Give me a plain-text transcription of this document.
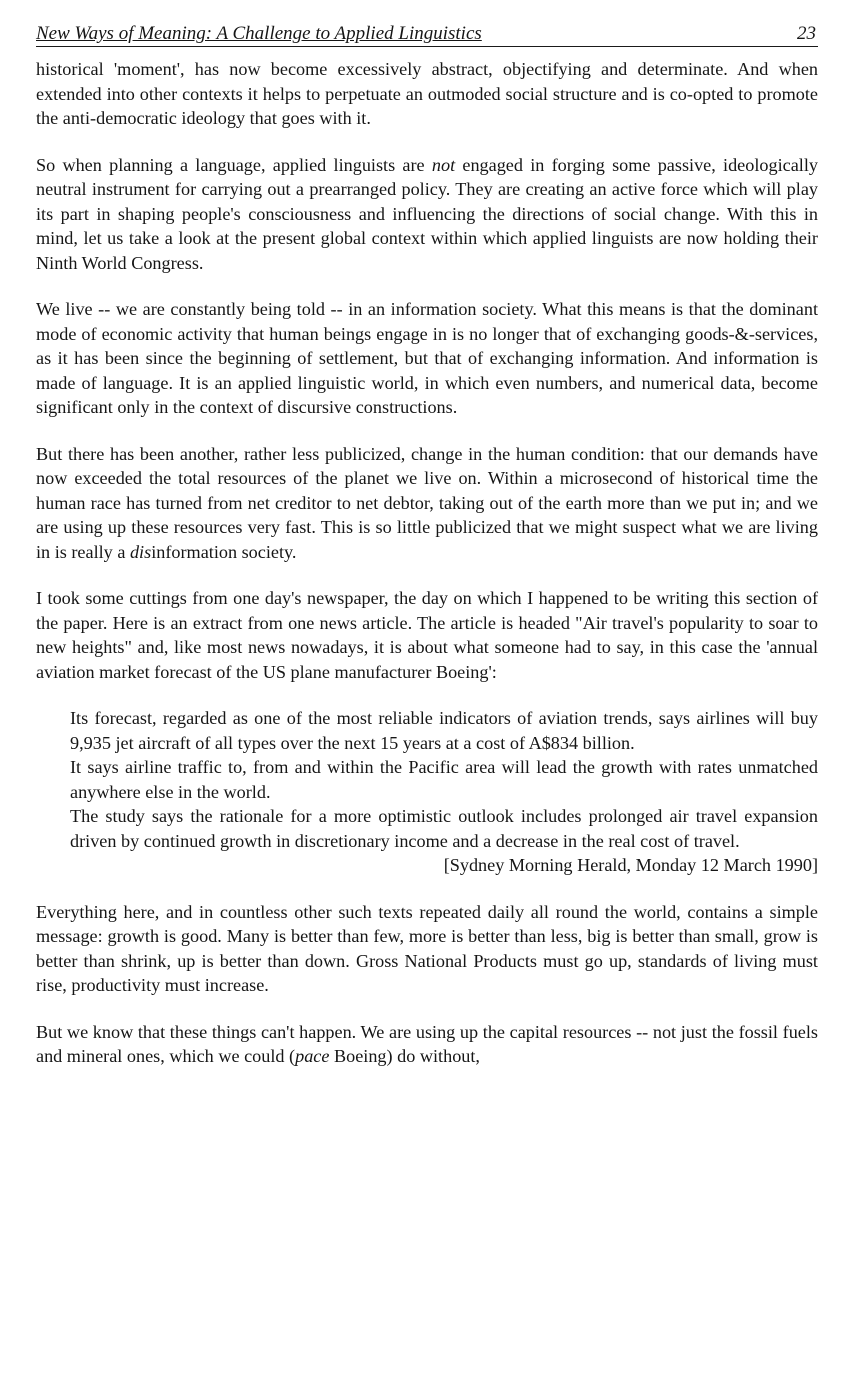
New Ways of Meaning: A Challenge to Applied Linguistics	23

historical 'moment', has now become excessively abstract, objectifying and determinate. And when extended into other contexts it helps to perpetuate an outmoded social structure and is co-opted to promote the anti-democratic ideology that goes with it.

So when planning a language, applied linguists are not engaged in forging some passive, ideologically neutral instrument for carrying out a prearranged policy. They are creating an active force which will play its part in shaping people's consciousness and influencing the directions of social change. With this in mind, let us take a look at the present global context within which applied linguists are now holding their Ninth World Congress.

We live -- we are constantly being told -- in an information society. What this means is that the dominant mode of economic activity that human beings engage in is no longer that of exchanging goods-&-services, as it has been since the beginning of settlement, but that of exchanging information. And information is made of language. It is an applied linguistic world, in which even numbers, and numerical data, become significant only in the context of discursive constructions.

But there has been another, rather less publicized, change in the human condition: that our demands have now exceeded the total resources of the planet we live on. Within a microsecond of historical time the human race has turned from net creditor to net debtor, taking out of the earth more than we put in; and we are using up these resources very fast. This is so little publicized that we might suspect what we are living in is really a disinformation society.

I took some cuttings from one day's newspaper, the day on which I happened to be writing this section of the paper. Here is an extract from one news article. The article is headed "Air travel's popularity to soar to new heights" and, like most news nowadays, it is about what someone had to say, in this case the 'annual aviation market forecast of the US plane manufacturer Boeing':

Its forecast, regarded as one of the most reliable indicators of aviation trends, says airlines will buy 9,935 jet aircraft of all types over the next 15 years at a cost of A$834 billion.

It says airline traffic to, from and within the Pacific area will lead the growth with rates unmatched anywhere else in the world.

The study says the rationale for a more optimistic outlook includes prolonged air travel expansion driven by continued growth in discretionary income and a decrease in the real cost of travel.

[Sydney Morning Herald, Monday 12 March 1990]

Everything here, and in countless other such texts repeated daily all round the world, contains a simple message: growth is good. Many is better than few, more is better than less, big is better than small, grow is better than shrink, up is better than down. Gross National Products must go up, standards of living must rise, productivity must increase.

But we know that these things can't happen. We are using up the capital resources -- not just the fossil fuels and mineral ones, which we could (pace Boeing) do without,
